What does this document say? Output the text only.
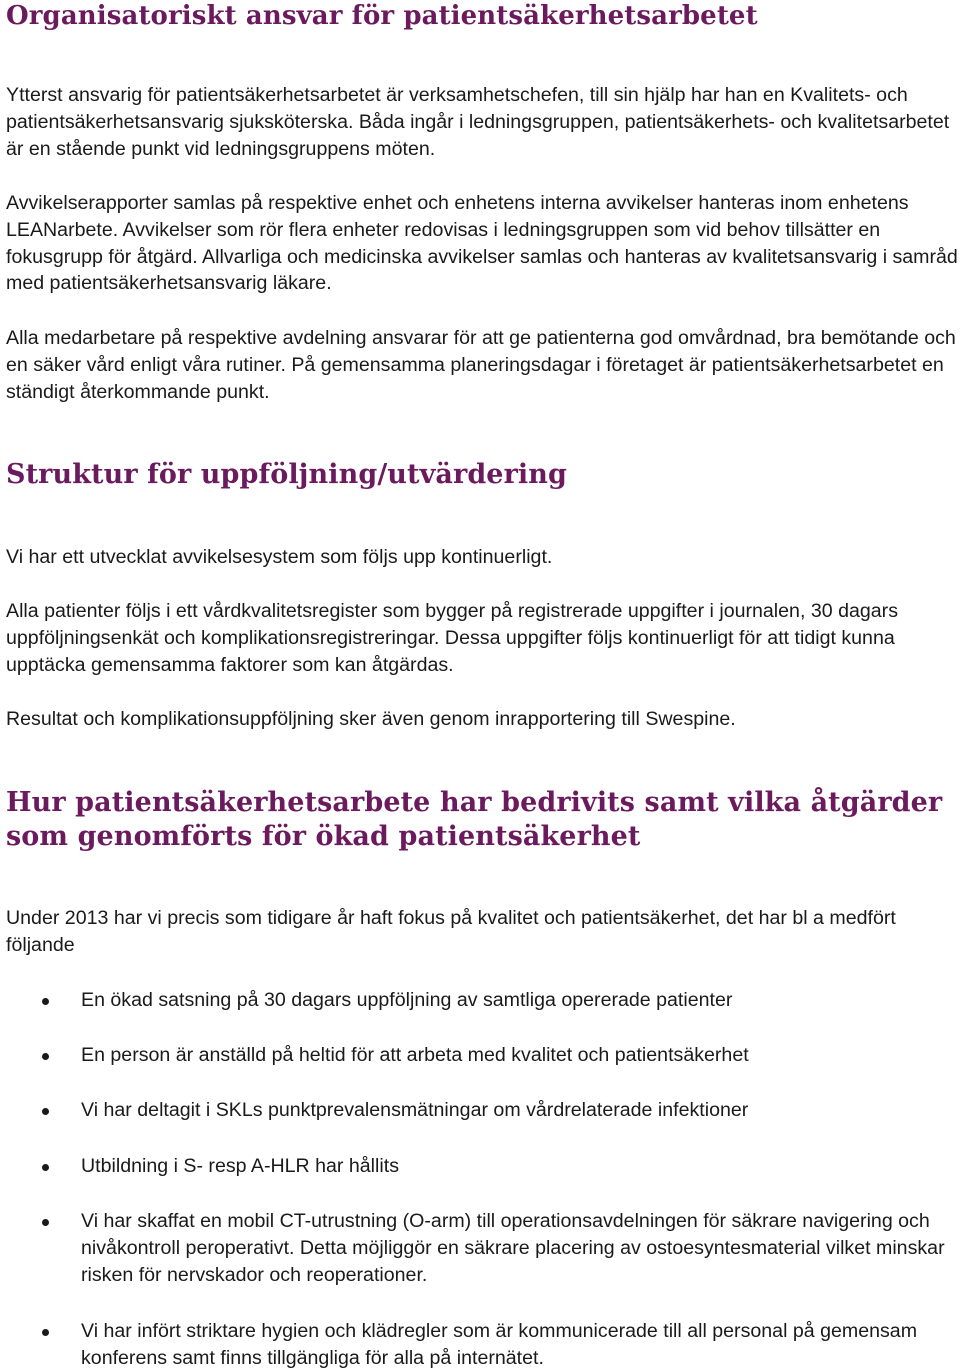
Organisatoriskt ansvar för patientsäkerhetsarbetet

Ytterst ansvarig för patientsäkerhetsarbetet är verksamhetschefen, till sin hjälp har han en Kvalitets- och patientsäkerhetsansvarig sjuksköterska. Båda ingår i ledningsgruppen, patientsäkerhets- och kvalitetsarbetet är en stående punkt vid ledningsgruppens möten.

Avvikelserapporter samlas på respektive enhet och enhetens interna avvikelser hanteras inom enhetens LEANarbete. Avvikelser som rör flera enheter redovisas i ledningsgruppen som vid behov tillsätter en fokusgrupp för åtgärd. Allvarliga och medicinska avvikelser samlas och hanteras av kvalitetsansvarig i samråd med patientsäkerhetsansvarig läkare.

Alla medarbetare på respektive avdelning ansvarar för att ge patienterna god omvårdnad, bra bemötande och en säker vård enligt våra rutiner. På gemensamma planeringsdagar i företaget är patientsäkerhetsarbetet en ständigt återkommande punkt.

Struktur för uppföljning/utvärdering

Vi har ett utvecklat avvikelsesystem som följs upp kontinuerligt.

Alla patienter följs i ett vårdkvalitetsregister som bygger på registrerade uppgifter i journalen, 30 dagars uppföljningsenkät och komplikationsregistreringar. Dessa uppgifter följs kontinuerligt för att tidigt kunna upptäcka gemensamma faktorer som kan åtgärdas.

Resultat och komplikationsuppföljning sker även genom inrapportering till Swespine.

Hur patientsäkerhetsarbete har bedrivits samt vilka åtgärder som genomförts för ökad patientsäkerhet

Under 2013 har vi precis som tidigare år haft fokus på kvalitet och patientsäkerhet, det har bl a medfört följande

En ökad satsning på 30 dagars uppföljning av samtliga opererade patienter
En person är anställd på heltid för att arbeta med kvalitet och patientsäkerhet
Vi har deltagit i SKLs punktprevalensmätningar om vårdrelaterade infektioner
Utbildning i S- resp A-HLR har hållits
Vi har skaffat en mobil CT-utrustning (O-arm) till operationsavdelningen för säkrare navigering och nivåkontroll peroperativt. Detta möjliggör en säkrare placering av ostoesyntesmaterial vilket minskar risken för nervskador och reoperationer.
Vi har infört striktare hygien och klädregler som är kommunicerade till all personal på gemensam konferens samt finns tillgängliga för alla på internätet.
